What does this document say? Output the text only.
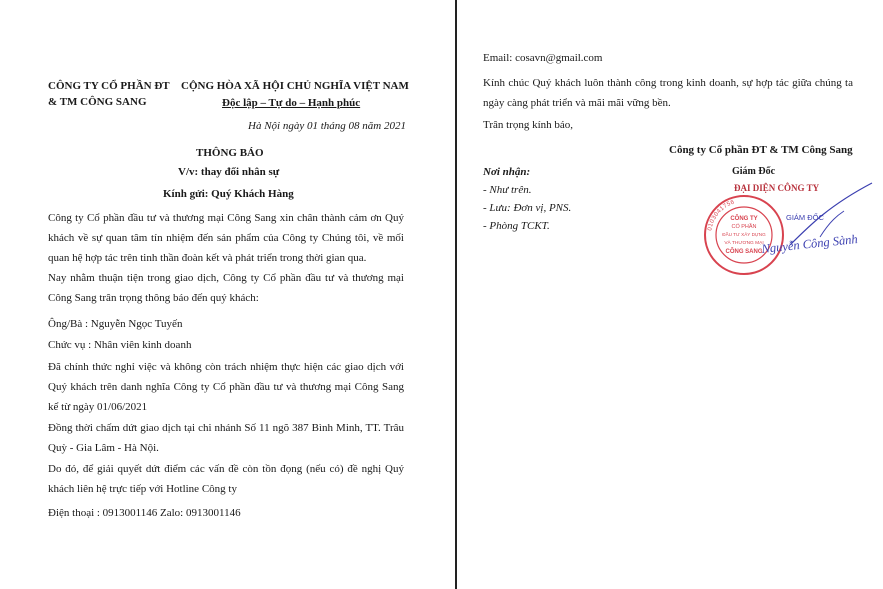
CÔNG TY CỔ PHẦN ĐT
& TM CÔNG SANG
CỘNG HÒA XÃ HỘI CHỦ NGHĨA VIỆT NAM
Độc lập – Tự do – Hạnh phúc
Hà Nội ngày 01 tháng 08 năm 2021
THÔNG BÁO
V/v: thay đổi nhân sự
Kính gửi: Quý Khách Hàng
Công ty Cổ phần đầu tư và thương mại Công Sang xin chân thành cảm ơn Quý khách về sự quan tâm tín nhiệm đến sản phẩm của Công ty Chúng tôi, về mối quan hệ hợp tác trên tinh thần đoàn kết và phát triển trong thời gian qua.
Nay nhằm thuận tiện trong giao dịch, Công ty Cổ phần đầu tư và thương mại Công Sang trân trọng thông báo đến quý khách:
Ông/Bà : Nguyễn Ngọc Tuyến
Chức vụ : Nhân viên kinh doanh
Đã chính thức nghỉ việc và không còn trách nhiệm thực hiện các giao dịch với Quý khách trên danh nghĩa Công ty Cổ phần đầu tư và thương mại Công Sang kể từ ngày 01/06/2021
Đồng thời chấm dứt giao dịch tại chi nhánh Số 11 ngõ 387 Bình Minh, TT. Trâu Quỳ - Gia Lâm - Hà Nội.
Do đó, để giải quyết dứt điểm các vấn đề còn tồn đọng (nếu có) đề nghị Quý khách liên hệ trực tiếp với Hotline Công ty
Điện thoại : 0913001146 Zalo: 0913001146
Email: cosavn@gmail.com
Kính chúc Quý khách luôn thành công trong kinh doanh, sự hợp tác giữa chúng ta ngày càng phát triển và mãi mãi vững bền.
Trân trọng kính báo,
Công ty Cổ phần ĐT & TM Công Sang
Nơi nhận:
- Như trên.
- Lưu: Đơn vị, PNS.
- Phòng TCKT.
Giám Đốc
ĐẠI DIỆN CÔNG TY
0103041756
CÔNG TY
CỔ PHẦN
ĐẦU TƯ XÂY DỰNG
VÀ THƯƠNG MẠI
CÔNG SANG
GIÁM ĐỐC
Nguyễn Công Sành
